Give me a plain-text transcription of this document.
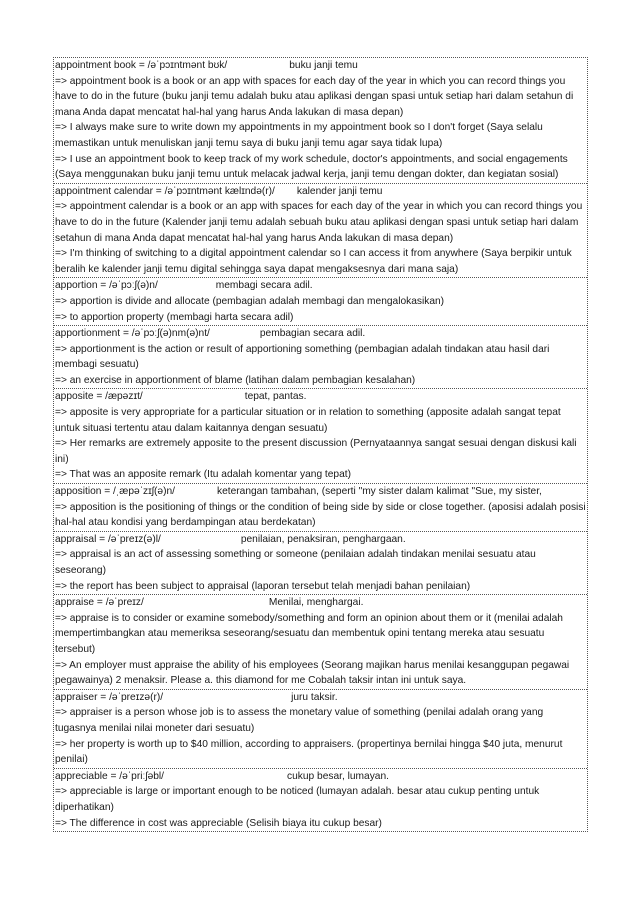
appointment book = /əˈpɔɪntmənt bʊk/	buku janji temu
=> appointment book is a book or an app with spaces for each day of the year in which you can record things you have to do in the future (buku janji temu adalah buku atau aplikasi dengan spasi untuk setiap hari dalam setahun di mana Anda dapat mencatat hal-hal yang harus Anda lakukan di masa depan)
=> I always make sure to write down my appointments in my appointment book so I don't forget (Saya selalu memastikan untuk menuliskan janji temu saya di buku janji temu agar saya tidak lupa)
=> I use an appointment book to keep track of my work schedule, doctor's appointments, and social engagements (Saya menggunakan buku janji temu untuk melacak jadwal kerja, janji temu dengan dokter, dan kegiatan sosial)
appointment calendar = /əˈpɔɪntmənt kælɪndə(r)/ kalender janji temu
=> appointment calendar is a book or an app with spaces for each day of the year in which you can record things you have to do in the future (Kalender janji temu adalah sebuah buku atau aplikasi dengan spasi untuk setiap hari dalam setahun di mana Anda dapat mencatat hal-hal yang harus Anda lakukan di masa depan)
=> I'm thinking of switching to a digital appointment calendar so I can access it from anywhere (Saya berpikir untuk beralih ke kalender janji temu digital sehingga saya dapat mengaksesnya dari mana saja)
apportion = /əˈpɔːʃ(ə)n/	membagi secara adil.
=> apportion is divide and allocate (pembagian adalah membagi dan mengalokasikan)
=> to apportion property (membagi harta secara adil)
apportionment = /əˈpɔːʃ(ə)nm(ə)nt/	pembagian secara adil.
=> apportionment is the action or result of apportioning something (pembagian adalah tindakan atau hasil dari membagi sesuatu)
=> an exercise in apportionment of blame (latihan dalam pembagian kesalahan)
apposite = /æpəzɪt/	tepat, pantas.
=> apposite is very appropriate for a particular situation or in relation to something (apposite adalah sangat tepat untuk situasi tertentu atau dalam kaitannya dengan sesuatu)
=> Her remarks are extremely apposite to the present discussion (Pernyataannya sangat sesuai dengan diskusi kali ini)
=> That was an apposite remark (Itu adalah komentar yang tepat)
apposition = /ˌæpəˈzɪʃ(ə)n/	keterangan tambahan, (seperti "my sister dalam kalimat "Sue, my sister,
=> apposition is the positioning of things or the condition of being side by side or close together. (aposisi adalah posisi hal-hal atau kondisi yang berdampingan atau berdekatan)
appraisal = /əˈpreɪz(ə)l/	penilaian, penaksiran, penghargaan.
=> appraisal is an act of assessing something or someone (penilaian adalah tindakan menilai sesuatu atau seseorang)
=> the report has been subject to appraisal (laporan tersebut telah menjadi bahan penilaian)
appraise = /əˈpreɪz/	Menilai, menghargai.
=> appraise is to consider or examine somebody/something and form an opinion about them or it (menilai adalah mempertimbangkan atau memeriksa seseorang/sesuatu dan membentuk opini tentang mereka atau sesuatu tersebut)
=> An employer must appraise the ability of his employees (Seorang majikan harus menilai kesanggupan pegawai pegawainya) 2 menaksir. Please a. this diamond for me Cobalah taksir intan ini untuk saya.
appraiser = /əˈpreɪzə(r)/	juru taksir.
=> appraiser is a person whose job is to assess the monetary value of something (penilai adalah orang yang tugasnya menilai nilai moneter dari sesuatu)
=> her property is worth up to $40 million, according to appraisers. (propertinya bernilai hingga $40 juta, menurut penilai)
appreciable = /əˈpriːʃəbl/	cukup besar, lumayan.
=> appreciable is large or important enough to be noticed (lumayan adalah. besar atau cukup penting untuk diperhatikan)
=> The difference in cost was appreciable (Selisih biaya itu cukup besar)
